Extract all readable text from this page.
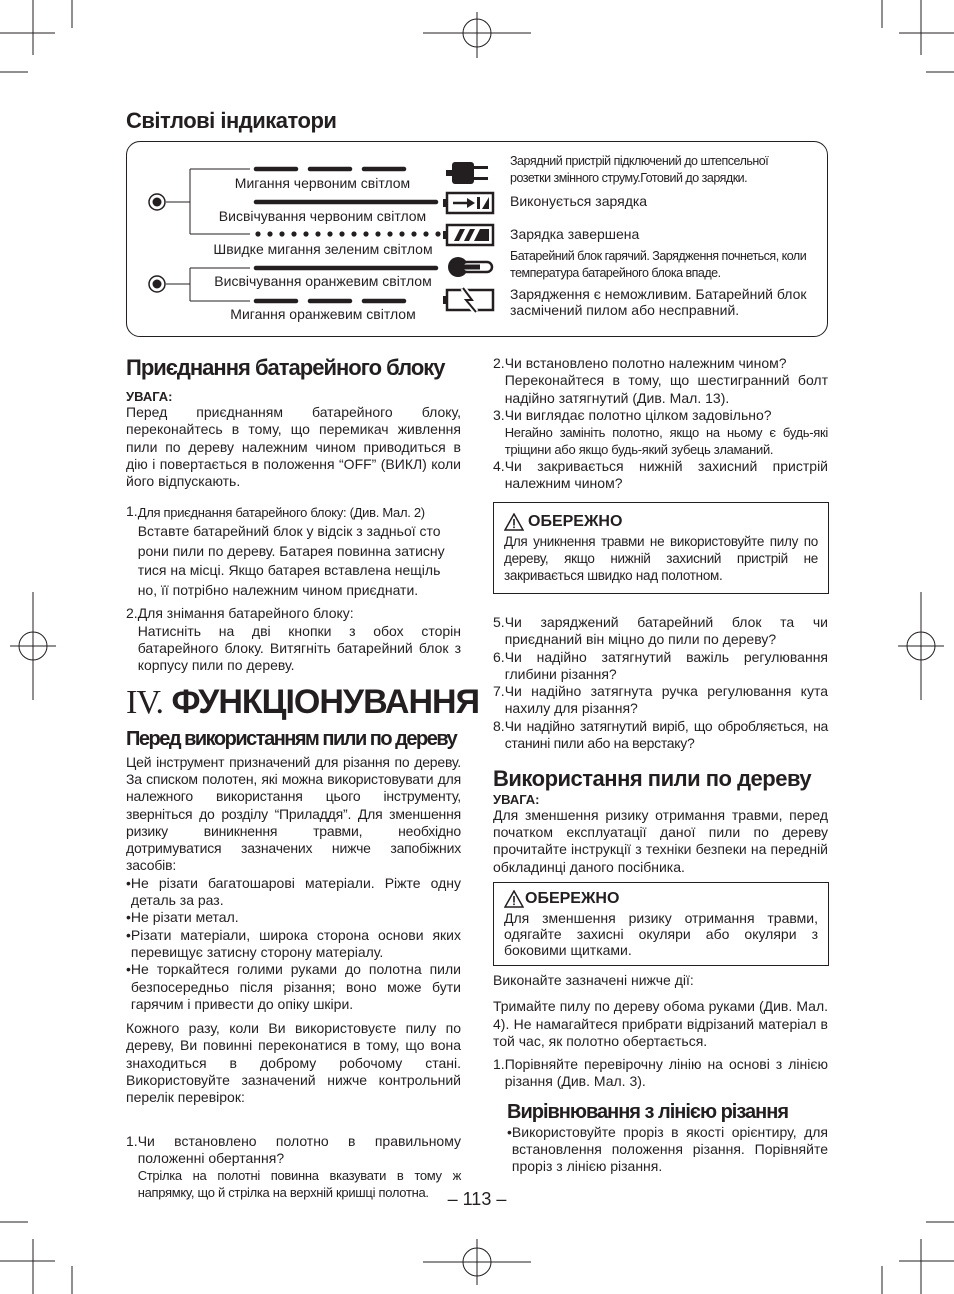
Світлові індикатори
Мигання червоним світлом
Висвічування червоним світлом
Швидке мигання зеленим світлом
Висвічування оранжевим світлом
Мигання оранжевим світлом
Зарядний пристрій підключений до штепсельної розетки змінного струму.Готовий до зарядки.
Виконується зарядка
Зарядка завершена
Батарейний блок гарячий. Зарядження почнеться, коли температура батарейного блока впаде.
Зарядження є неможливим. Батарейний блок засмічений пилом або несправний.
Приєднання батарейного блоку

УВАГА:

Перед приєднанням батарейного блоку, переконайтесь в тому, що перемикач живлення пили по дереву належним чином приводиться в дію і повертається в положення “OFF” (ВИКЛ) коли його відпускають.

1. Для приєднання батарейного блоку: (Див. Мал. 2)
Вставте батарейний блок у відсік з задньої сто рони пили по дереву. Батарея повинна затисну тися на місці. Якщо батарея вставлена нещіль но, її потрібно належним чином приєднати.
2. Для знімання батарейного блоку:
Натисніть на дві кнопки з обох сторін батарейного блоку. Витягніть батарейний блок з корпусу пили по дереву.
IV. ФУНКЦІОНУВАННЯ
Перед використанням пили по дереву

Цей інструмент призначений для різання по дереву. За списком полотен, які можна використовувати для належного використання цього інструменту, зверніться до розділу “Приладдя”. Для зменшення ризику виникнення травми, необхідно дотримуватися зазначених нижче запобіжних засобів:

• Не різати багатошарові матеріали. Ріжте одну деталь за раз.
• Не різати метал.
• Різати матеріали, широка сторона основи яких перевищує затисну сторону матеріалу.
• Не торкайтеся голими руками до полотна пили безпосередньо після різання; воно може бути гарячим і привести до опіку шкіри.

Кожного разу, коли Ви використовуєте пилу по дереву, Ви повинні переконатися в тому, що вона знаходиться в доброму робочому стані. Використовуйте зазначений нижче контрольний перелік перевірок:

1. Чи встановлено полотно в правильному положенні обертання?
Стрілка на полотні повинна вказувати в тому ж напрямку, що й стрілка на верхній кришці полотна.
2. Чи встановлено полотно належним чином?
Переконайтеся в тому, що шестигранний болт надійно затягнутий (Див. Мал. 13).
3. Чи виглядає полотно цілком задовільно?
Негайно замініть полотно, якщо на ньому є будь-які тріщини або якщо будь-який зубець зламаний.
4. Чи закривається нижній захисний пристрій належним чином?
ОБЕРЕЖНО

Для уникнення травми не використовуйте пилу по дереву, якщо нижній захисний пристрій не закривається швидко над полотном.

5. Чи заряджений батарейний блок та чи приєднаний він міцно до пили по дереву?
6. Чи надійно затягнутий важіль регулювання глибини різання?
7. Чи надійно затягнута ручка регулювання кута нахилу для різання?
8. Чи надійно затягнутий виріб, що обробляється, на станині пили або на верстаку?
Використання пили по дереву

УВАГА:

Для зменшення ризику отримання травми, перед початком експлуатації даної пили по дереву прочитайте інструкції з техніки безпеки на передній обкладинці даного посібника.

ОБЕРЕЖНО

Для зменшення ризику отримання травми, одягайте захисні окуляри або окуляри з боковими щитками.

Виконайте зазначені нижче дії:

Тримайте пилу по дереву обома руками (Див. Мал. 4). Не намагайтеся прибрати відрізаний матеріал в той час, як полотно обертається.

1. Порівняйте перевірочну лінію на основі з лінією різання (Див. Мал. 3).
Вирівнювання з лінією різання
• Використовуйте проріз в якості орієнтиру, для встановлення положення різання. Порівняйте проріз з лінією різання.
– 113 –
